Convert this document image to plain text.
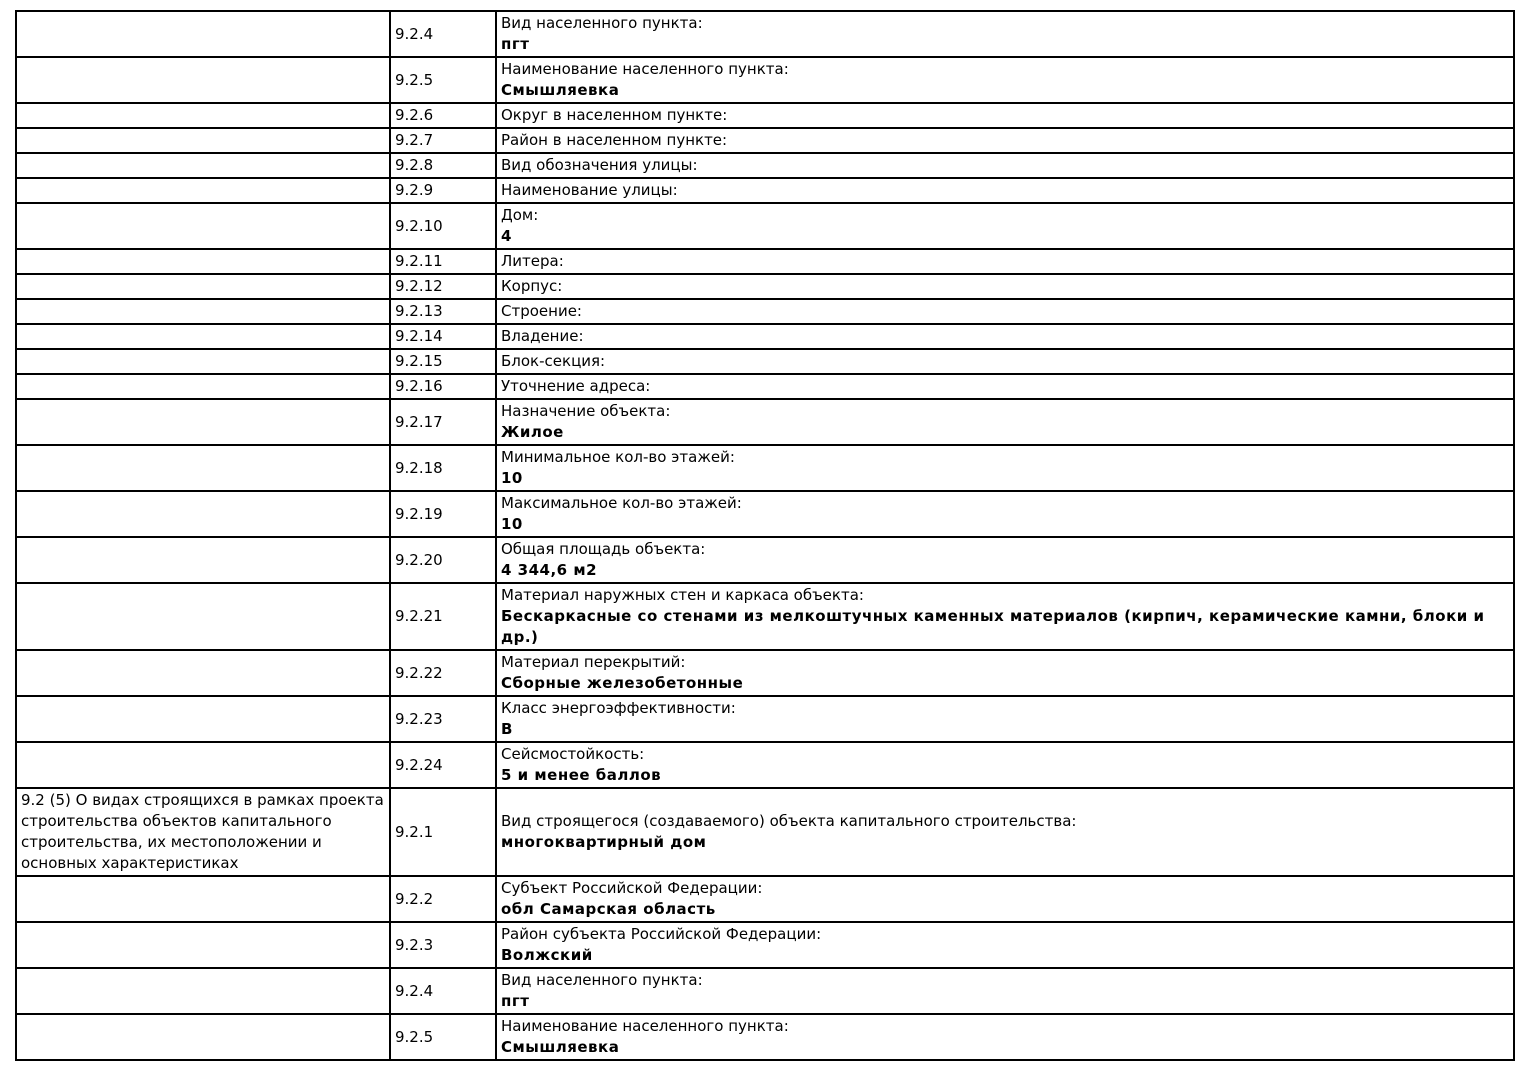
	9.2.4	Вид населенного пункта:
пгт

	9.2.5	Наименование населенного пункта:
Смышляевка

	9.2.6	Округ в населенном пункте:

	9.2.7	Район в населенном пункте:

	9.2.8	Вид обозначения улицы:

	9.2.9	Наименование улицы:

	9.2.10	Дом:
4

	9.2.11	Литера:

	9.2.12	Корпус:

	9.2.13	Строение:

	9.2.14	Владение:

	9.2.15	Блок-секция:

	9.2.16	Уточнение адреса:

	9.2.17	Назначение объекта:
Жилое

	9.2.18	Минимальное кол-во этажей:
10

	9.2.19	Максимальное кол-во этажей:
10

	9.2.20	Общая площадь объекта:
4 344,6 м2

	9.2.21	Материал наружных стен и каркаса объекта:
Бескаркасные со стенами из мелкоштучных каменных материалов (кирпич, керамические камни, блоки и др.)

	9.2.22	Материал перекрытий:
Сборные железобетонные

	9.2.23	Класс энергоэффективности:
В

	9.2.24	Сейсмостойкость:
5 и менее баллов

9.2 (5) О видах строящихся в рамках проекта строительства объектов капитального строительства, их местоположении и основных характеристиках	9.2.1	Вид строящегося (создаваемого) объекта капитального строительства:
многоквартирный дом

	9.2.2	Субъект Российской Федерации:
обл Самарская область

	9.2.3	Район субъекта Российской Федерации:
Волжский

	9.2.4	Вид населенного пункта:
пгт

	9.2.5	Наименование населенного пункта:
Смышляевка
